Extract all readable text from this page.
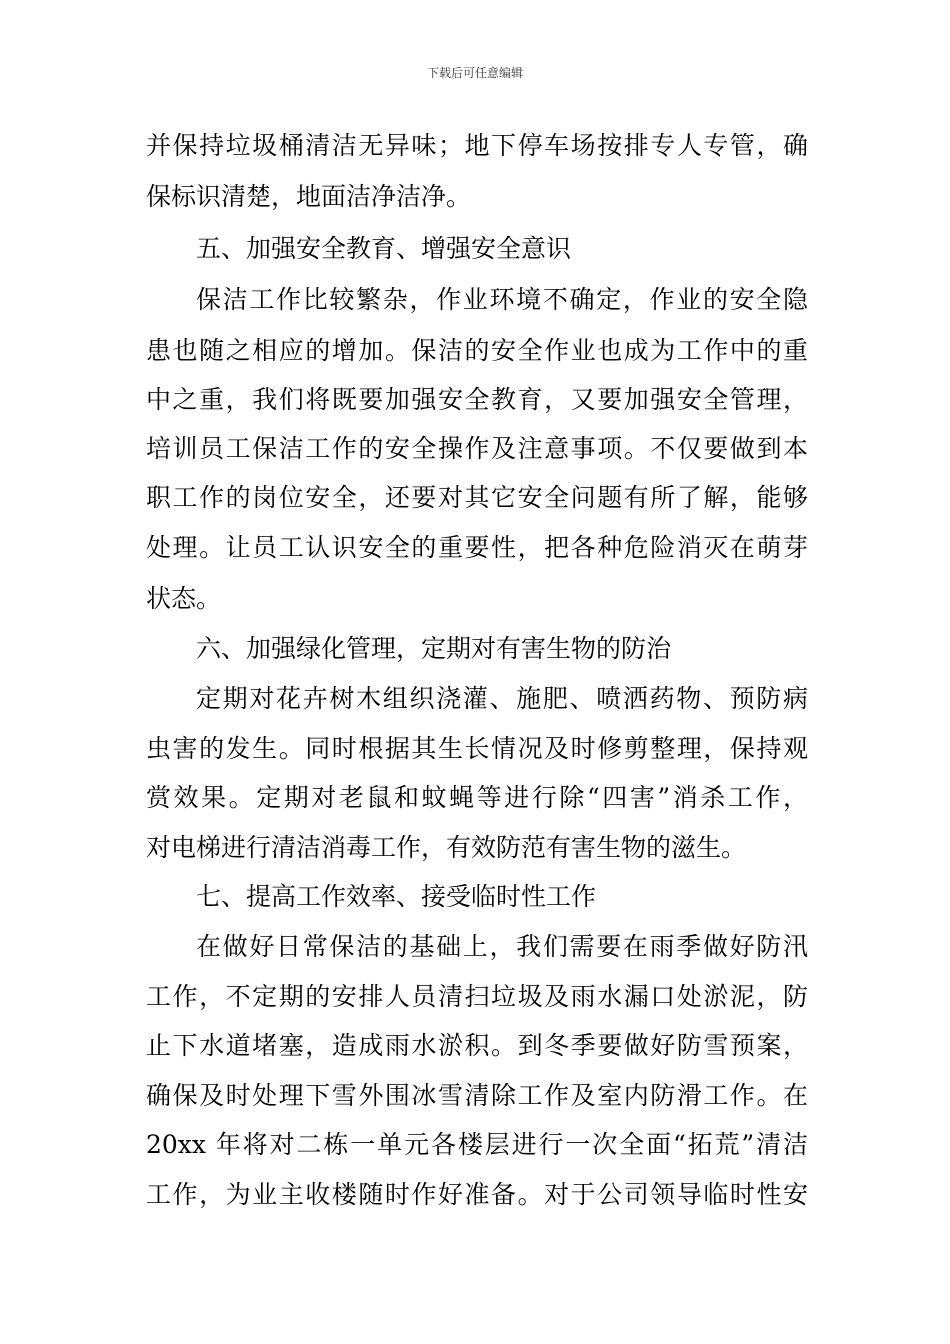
下载后可任意编辑
并保持垃圾桶清洁无异味；地下停车场按排专人专管，确
保标识清楚，地面洁净洁净。
五、加强安全教育、增强安全意识
保洁工作比较繁杂，作业环境不确定，作业的安全隐
患也随之相应的增加。保洁的安全作业也成为工作中的重
中之重，我们将既要加强安全教育，又要加强安全管理，
培训员工保洁工作的安全操作及注意事项。不仅要做到本
职工作的岗位安全，还要对其它安全问题有所了解，能够
处理。让员工认识安全的重要性，把各种危险消灭在萌芽
状态。
六、加强绿化管理，定期对有害生物的防治
定期对花卉树木组织浇灌、施肥、喷洒药物、预防病
虫害的发生。同时根据其生长情况及时修剪整理，保持观
赏效果。定期对老鼠和蚊蝇等进行除“四害”消杀工作，
对电梯进行清洁消毒工作，有效防范有害生物的滋生。
七、提高工作效率、接受临时性工作
在做好日常保洁的基础上，我们需要在雨季做好防汛
工作，不定期的安排人员清扫垃圾及雨水漏口处淤泥，防
止下水道堵塞，造成雨水淤积。到冬季要做好防雪预案，
确保及时处理下雪外围冰雪清除工作及室内防滑工作。在
20xx 年将对二栋一单元各楼层进行一次全面“拓荒”清洁
工作，为业主收楼随时作好准备。对于公司领导临时性安
